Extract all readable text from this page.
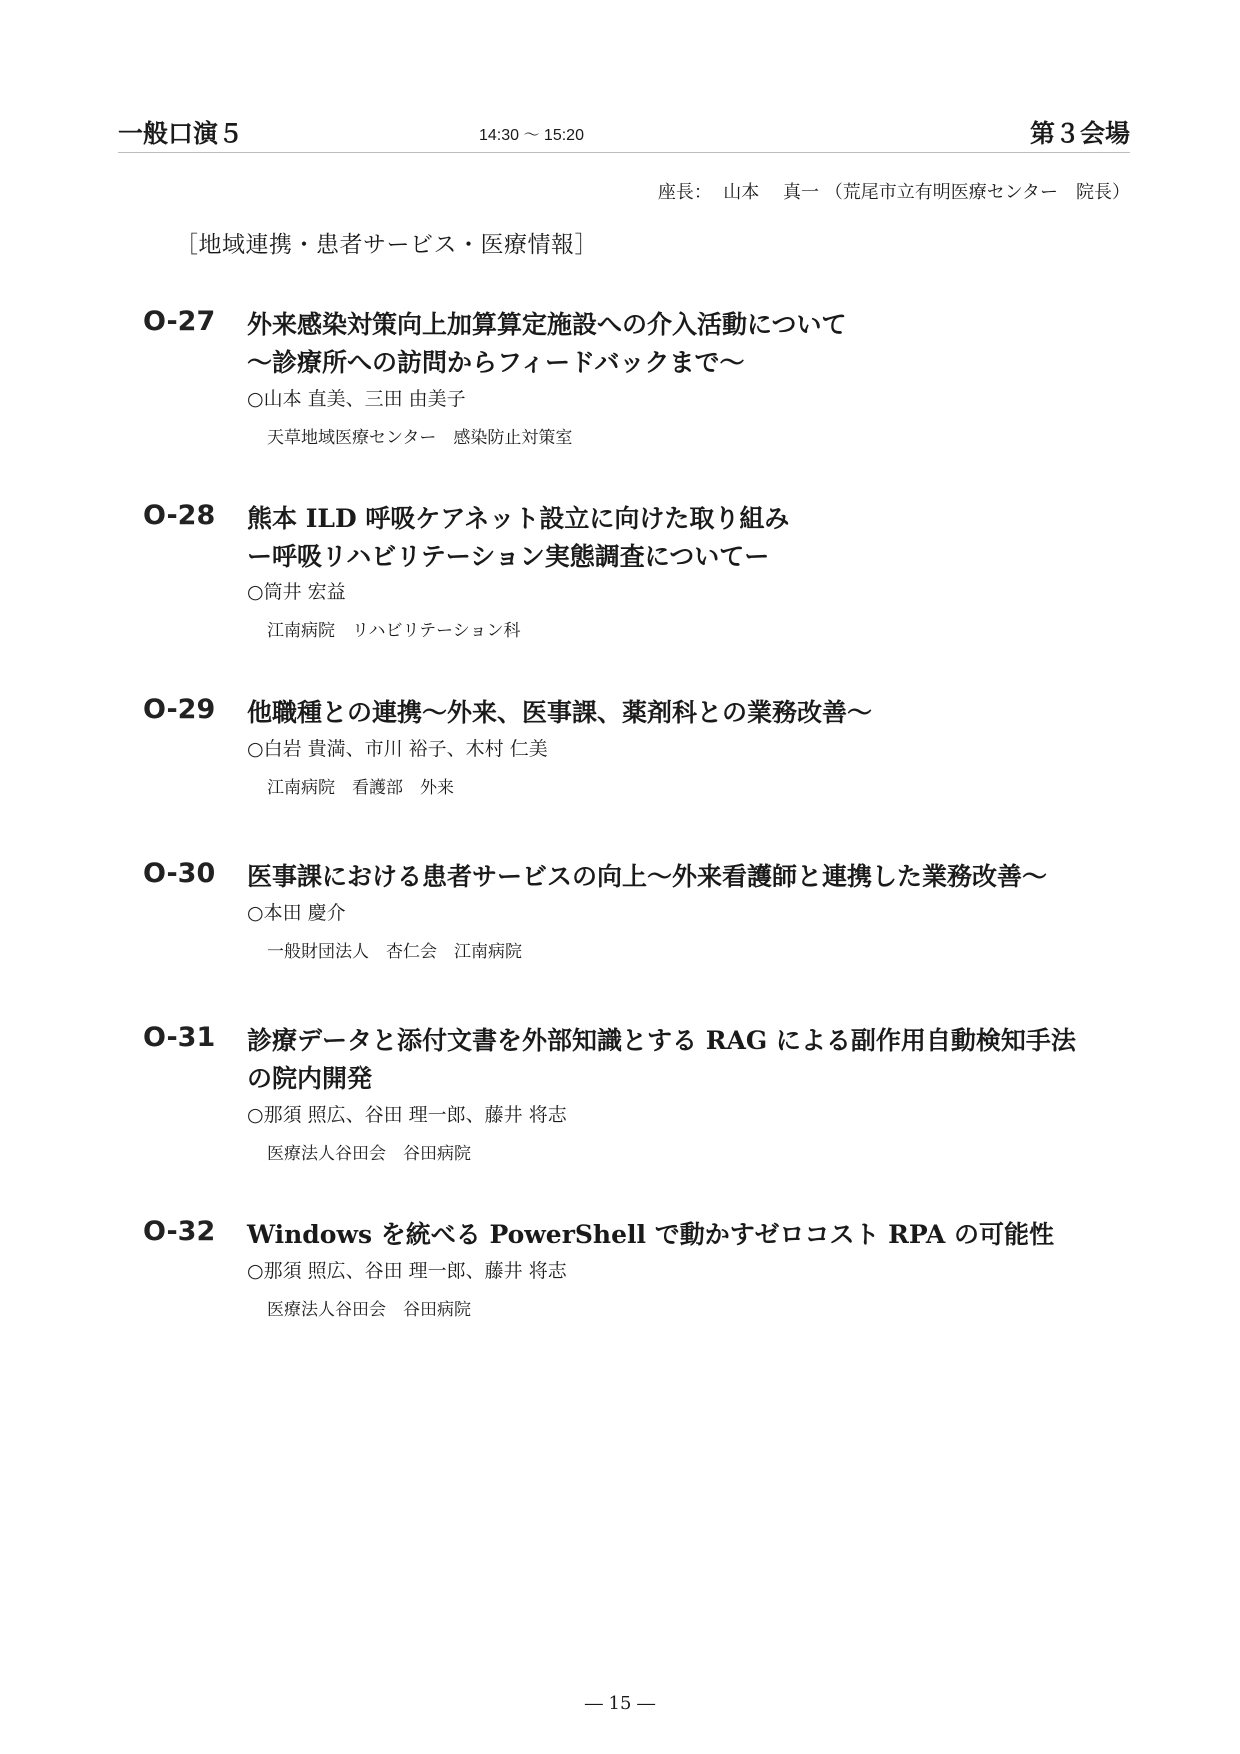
一般口演５	14:30 ～ 15:20	第３会場
座長：  山本　 真一 （荒尾市立有明医療センター　院長）
［地域連携・患者サービス・医療情報］
O-27 外来感染対策向上加算算定施設への介入活動について
～診療所への訪問からフィードバックまで～
○山本 直美、三田 由美子
天草地域医療センター　感染防止対策室
O-28 熊本 ILD 呼吸ケアネット設立に向けた取り組み
ー呼吸リハビリテーション実態調査についてー
○筒井 宏益
江南病院　リハビリテーション科
O-29 他職種との連携～外来、医事課、薬剤科との業務改善～
○白岩 貴満、市川 裕子、木村 仁美
江南病院　看護部　外来
O-30 医事課における患者サービスの向上～外来看護師と連携した業務改善～
○本田 慶介
一般財団法人　杏仁会　江南病院
O-31 診療データと添付文書を外部知識とする RAG による副作用自動検知手法
の院内開発
○那須 照広、谷田 理一郎、藤井 将志
医療法人谷田会　谷田病院
O-32 Windows を統べる PowerShell で動かすゼロコスト RPA の可能性
○那須 照広、谷田 理一郎、藤井 将志
医療法人谷田会　谷田病院
― 15 ―
